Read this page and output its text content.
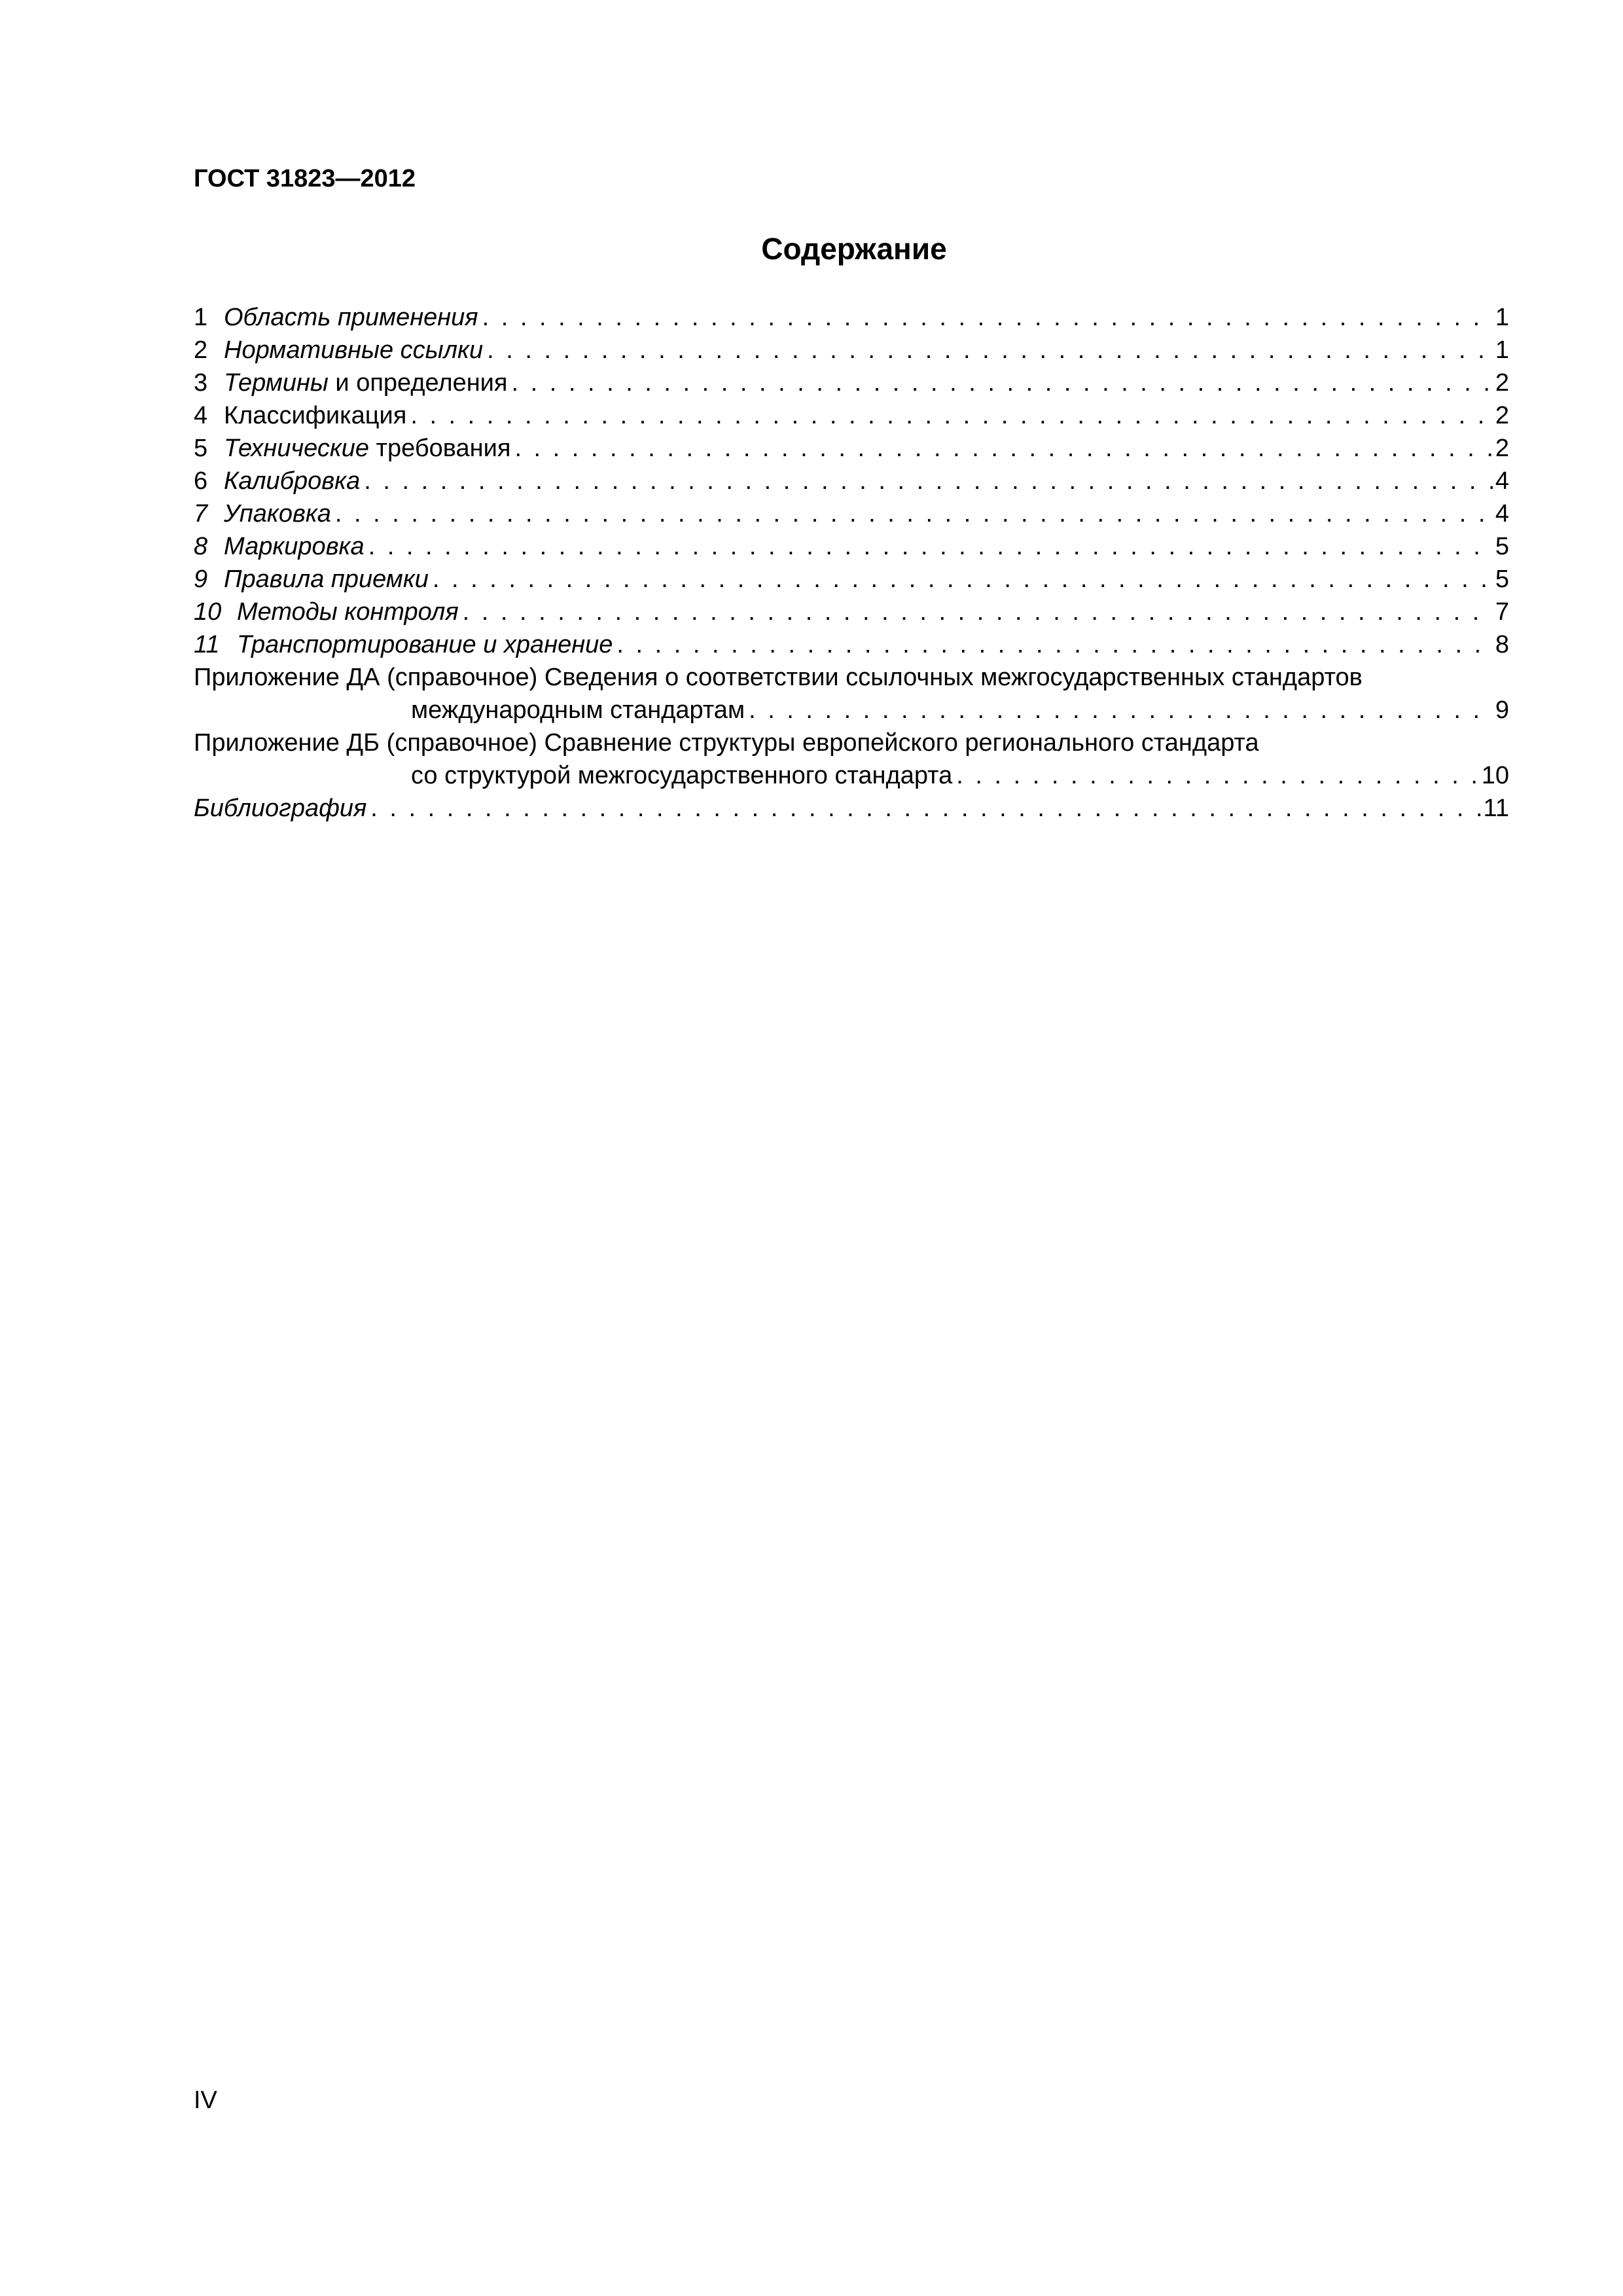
ГОСТ 31823—2012

Содержание
1 Область применения . . .	1
2 Нормативные ссылки . . .	1
3 Термины и определения . . .	2
4 Классификация . . .	2
5 Технические требования . . .	2
6 Калибровка . . .	4
7 Упаковка . . .	4
8 Маркировка . . .	5
9 Правила приемки . . .	5
10 Методы контроля . . .	7
11 Транспортирование и хранение . . .	8
Приложение ДА (справочное) Сведения о соответствии ссылочных межгосударственных стандартов
международным стандартам . . .	9
Приложение ДБ (справочное) Сравнение структуры европейского регионального стандарта
со структурой межгосударственного стандарта . . .	10
Библиография . . .	11

IV
